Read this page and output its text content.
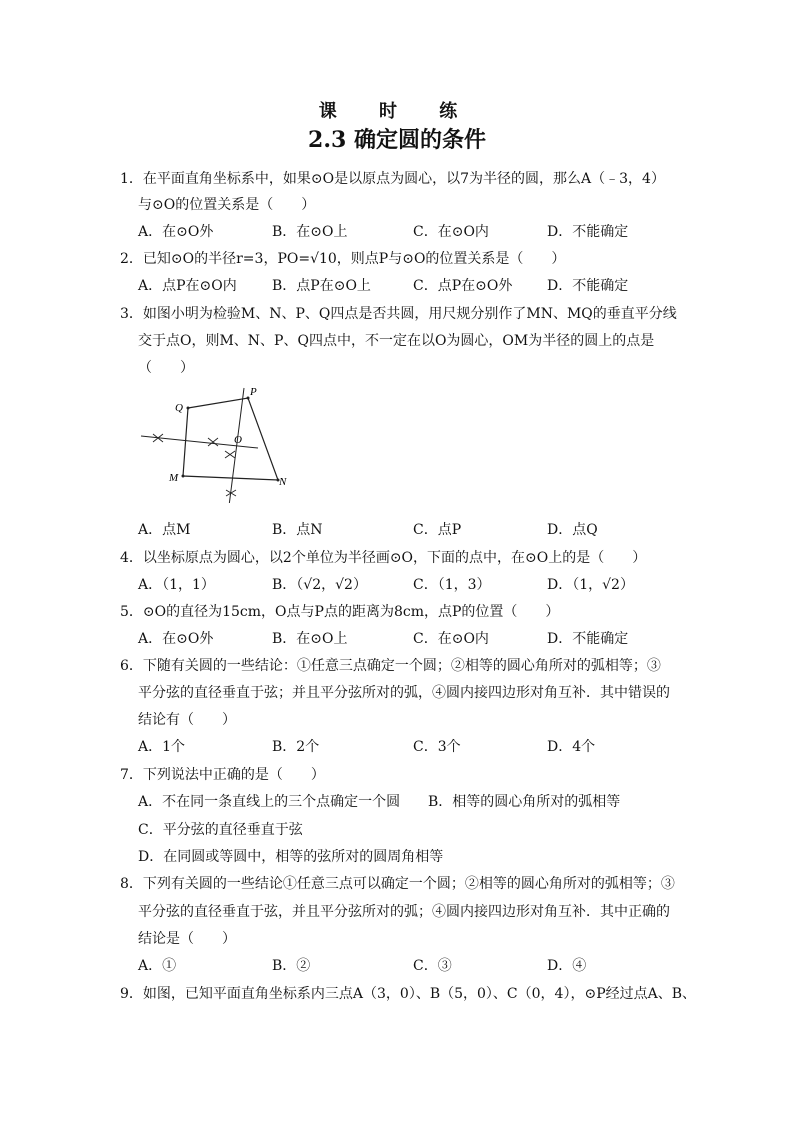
课 时 练
2.3 确定圆的条件
1．在平面直角坐标系中，如果⊙O是以原点为圆心，以7为半径的圆，那么A（﹣3，4）
与⊙O的位置关系是（　　）
A．在⊙O外	B．在⊙O上	C．在⊙O内	D．不能确定
2．已知⊙O的半径r=3，PO=√10，则点P与⊙O的位置关系是（　　）
A．点P在⊙O内	B．点P在⊙O上	C．点P在⊙O外 D．不能确定
3．如图小明为检验M、N、P、Q四点是否共圆，用尺规分别作了MN、MQ的垂直平分线
交于点O，则M、N、P、Q四点中，不一定在以O为圆心，OM为半径的圆上的点是
（　　）
Q
P
O
M	N
A．点M	B．点N	C．点P	D．点Q
4．以坐标原点为圆心，以2个单位为半径画⊙O，下面的点中，在⊙O上的是（　　）
A．（1，1）	B．（√2，√2）	C．（1，3）	D．（1，√2）
5．⊙O的直径为15cm，O点与P点的距离为8cm，点P的位置（　　）
A．在⊙O外	B．在⊙O上	C．在⊙O内	D．不能确定
6．下随有关圆的一些结论：①任意三点确定一个圆；②相等的圆心角所对的弧相等；③
平分弦的直径垂直于弦；并且平分弦所对的弧，④圆内接四边形对角互补．其中错误的
结论有（　　）
A．1个	B．2个	C．3个	D．4个
7．下列说法中正确的是（　　）
A．不在同一条直线上的三个点确定一个圆 B．相等的圆心角所对的弧相等
C．平分弦的直径垂直于弦
D．在同圆或等圆中，相等的弦所对的圆周角相等
8．下列有关圆的一些结论①任意三点可以确定一个圆；②相等的圆心角所对的弧相等；③
平分弦的直径垂直于弦，并且平分弦所对的弧；④圆内接四边形对角互补．其中正确的
结论是（　　）
A．①	B．②	C．③	D．④
9．如图，已知平面直角坐标系内三点A（3，0）、B（5，0）、C（0，4），⊙P经过点A、B、
